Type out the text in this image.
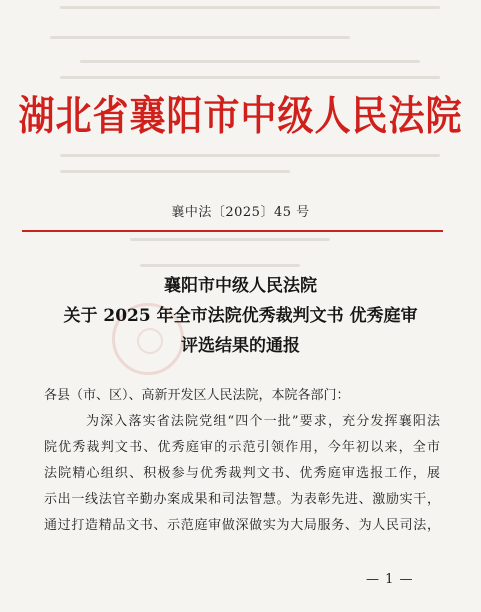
湖北省襄阳市中级人民法院
襄中法〔2025〕45 号
襄阳市中级人民法院
关于 2025 年全市法院优秀裁判文书 优秀庭审
评选结果的通报
各县（市、区）、高新开发区人民法院，本院各部门：
为深入落实省法院党组“四个一批”要求，充分发挥襄阳法
院优秀裁判文书、优秀庭审的示范引领作用，今年初以来，全市
法院精心组织、积极参与优秀裁判文书、优秀庭审选报工作，展
示出一线法官辛勤办案成果和司法智慧。为表彰先进、激励实干，
通过打造精品文书、示范庭审做深做实为大局服务、为人民司法，
— 1 —
